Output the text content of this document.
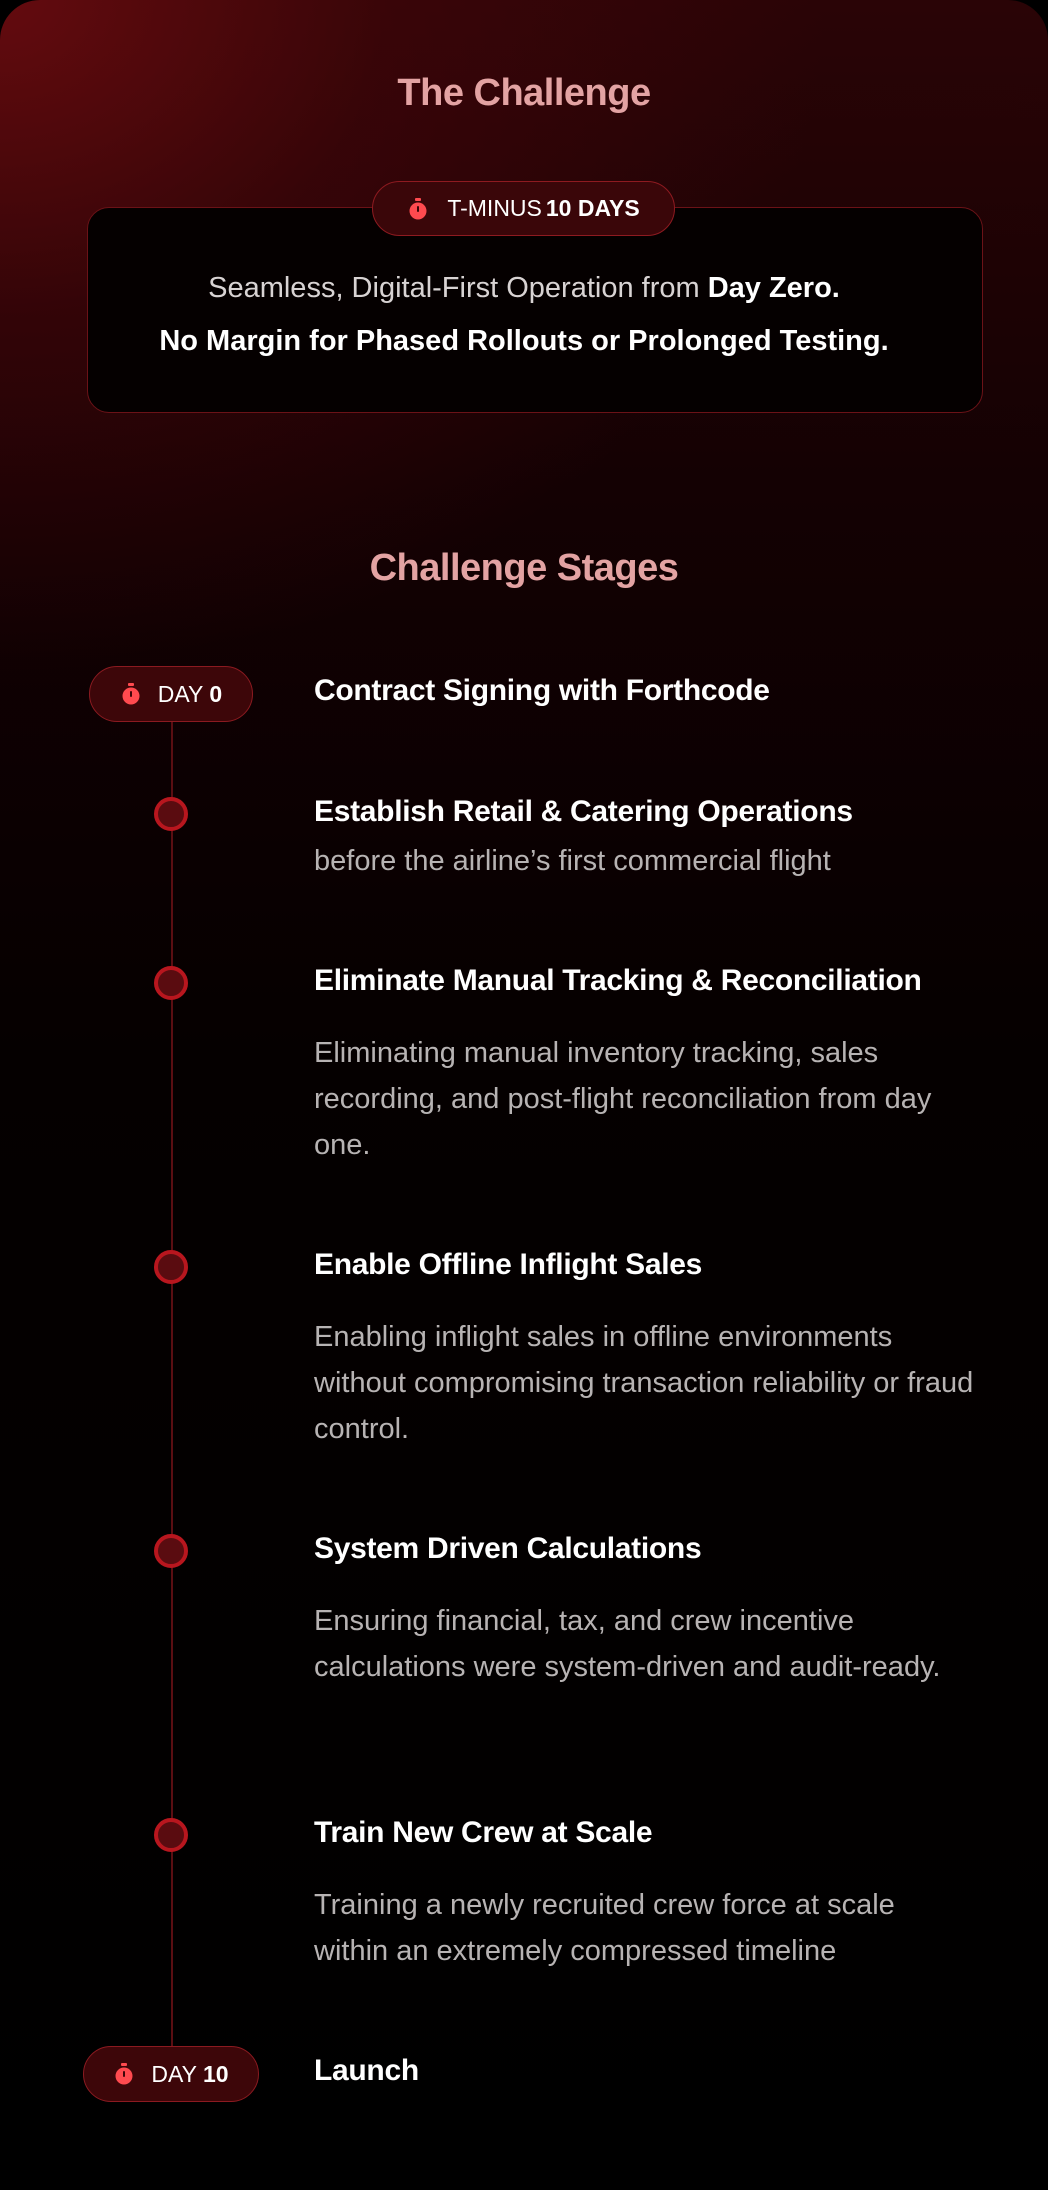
The Challenge
T-MINUS 10 DAYS
Seamless, Digital-First Operation from Day Zero.
No Margin for Phased Rollouts or Prolonged Testing.
Challenge Stages
DAY 0	Contract Signing with Forthcode
Establish Retail & Catering Operations
before the airline’s first commercial flight
Eliminate Manual Tracking & Reconciliation
Eliminating manual inventory tracking, sales recording, and post-flight reconciliation from day one.
Enable Offline Inflight Sales
Enabling inflight sales in offline environments without compromising transaction reliability or fraud control.
System Driven Calculations
Ensuring financial, tax, and crew incentive calculations were system-driven and audit-ready.
Train New Crew at Scale
Training a newly recruited crew force at scale within an extremely compressed timeline
DAY 10	Launch
